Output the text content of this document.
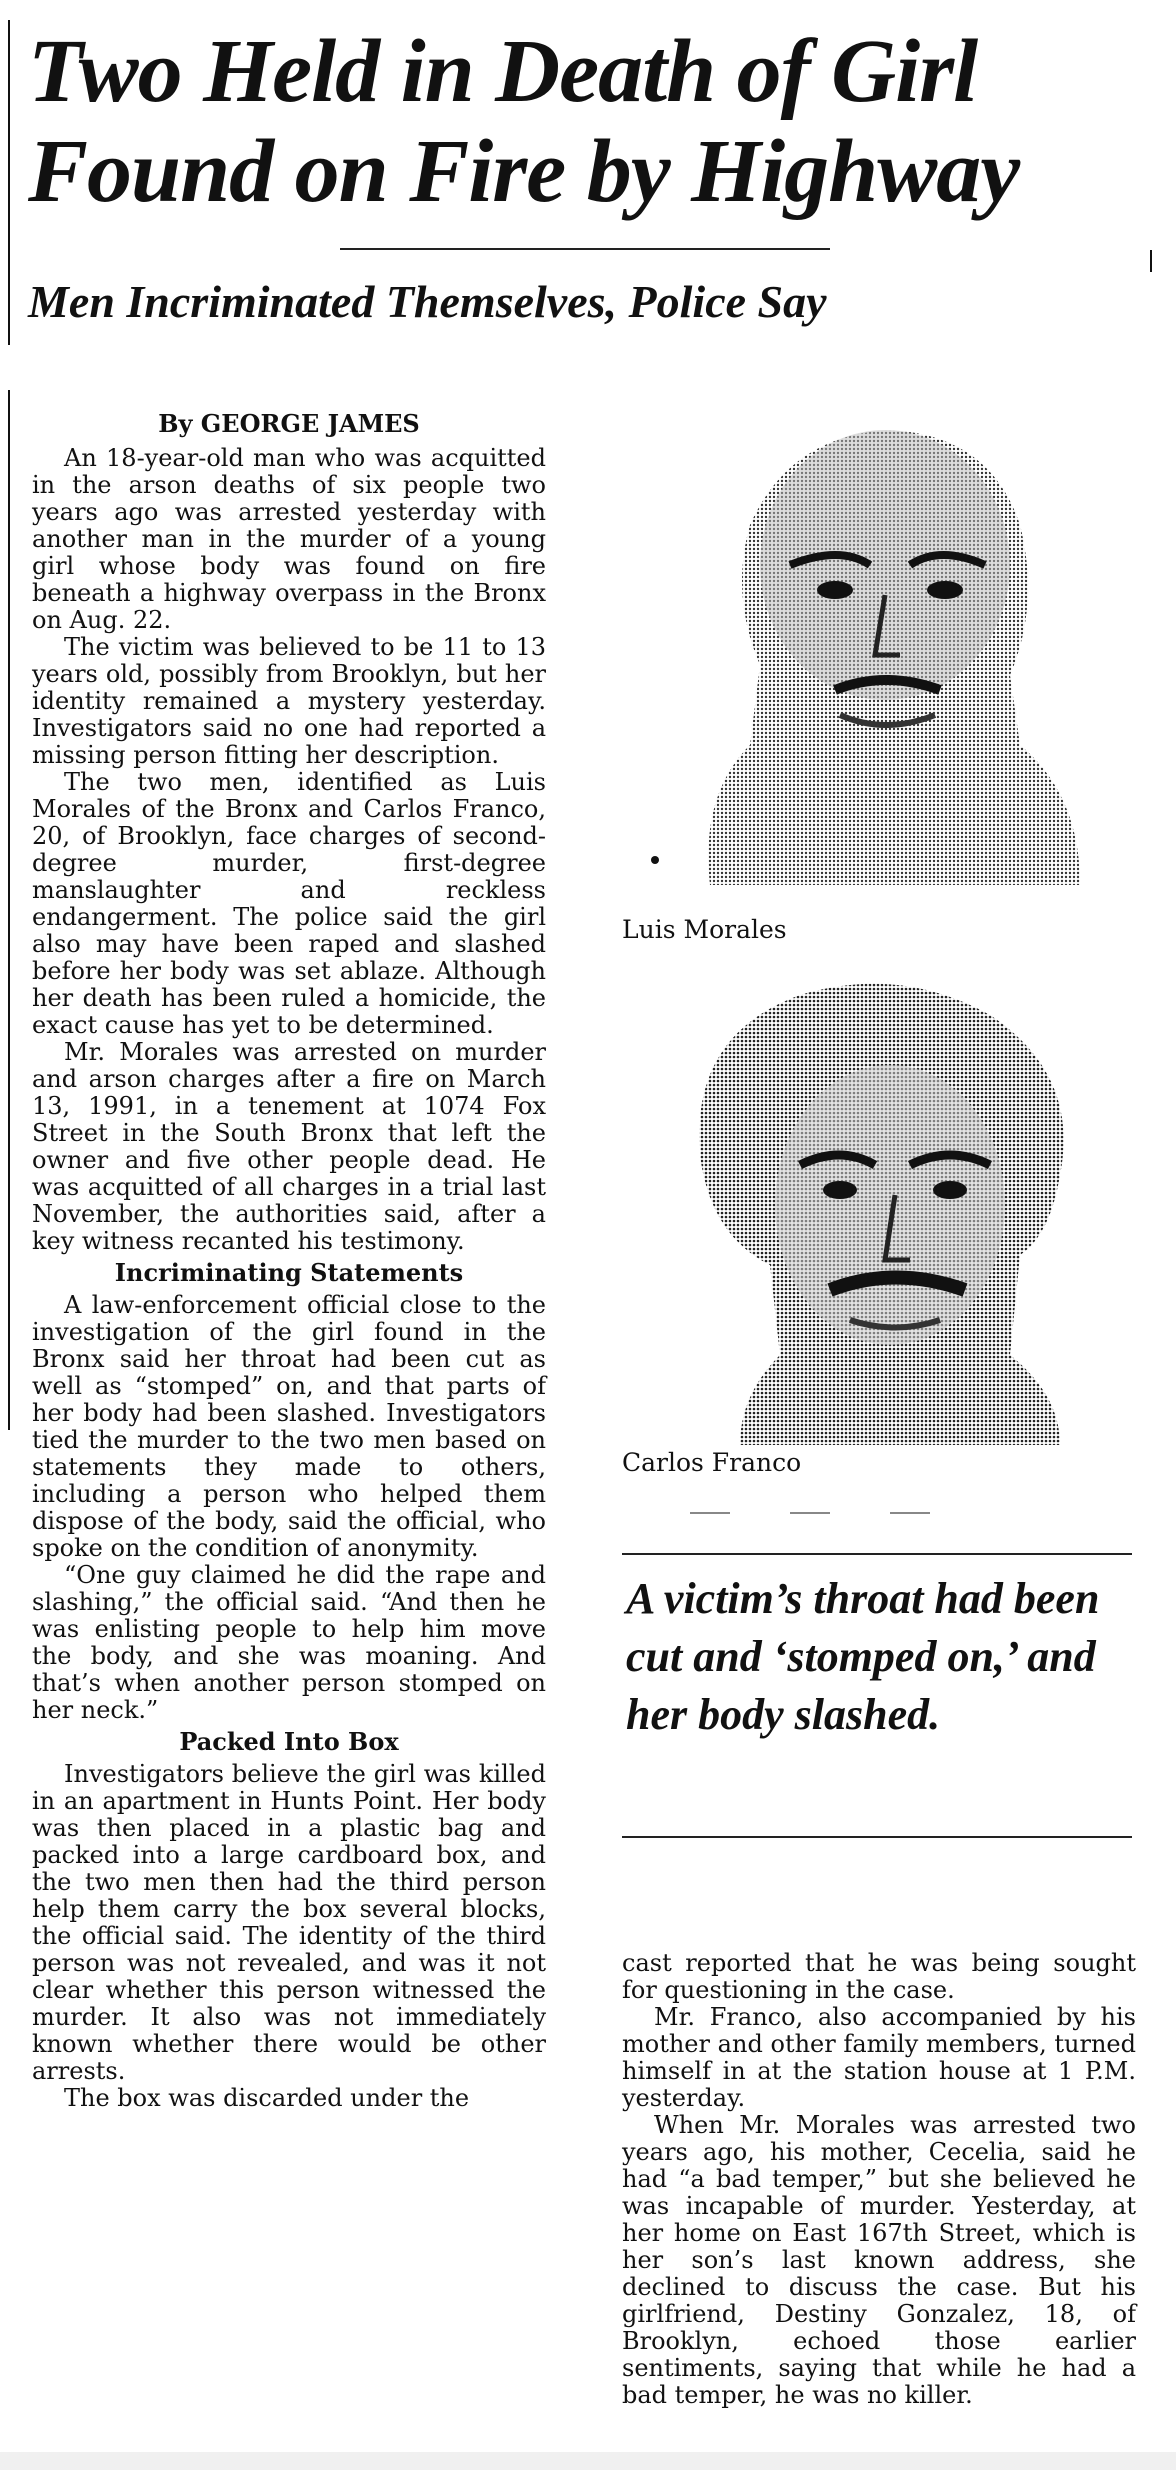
Two Held in Death of Girl
Found on Fire by Highway
Men Incriminated Themselves, Police Say

By GEORGE JAMES

An 18-year-old man who was acquitted in the arson deaths of six people two years ago was arrested yesterday with another man in the murder of a young girl whose body was found on fire beneath a highway overpass in the Bronx on Aug. 22.

The victim was believed to be 11 to 13 years old, possibly from Brooklyn, but her identity remained a mystery yesterday. Investigators said no one had reported a missing person fitting her description.

The two men, identified as Luis Morales of the Bronx and Carlos Franco, 20, of Brooklyn, face charges of second-degree murder, first-degree manslaughter and reckless endangerment. The police said the girl also may have been raped and slashed before her body was set ablaze. Although her death has been ruled a homicide, the exact cause has yet to be determined.

Mr. Morales was arrested on murder and arson charges after a fire on March 13, 1991, in a tenement at 1074 Fox Street in the South Bronx that left the owner and five other people dead. He was acquitted of all charges in a trial last November, the authorities said, after a key witness recanted his testimony.

Incriminating Statements

A law-enforcement official close to the investigation of the girl found in the Bronx said her throat had been cut as well as “stomped” on, and that parts of her body had been slashed. Investigators tied the murder to the two men based on statements they made to others, including a person who helped them dispose of the body, said the official, who spoke on the condition of anonymity.

“One guy claimed he did the rape and slashing,” the official said. “And then he was enlisting people to help him move the body, and she was moaning. And that’s when another person stomped on her neck.”

Packed Into Box

Investigators believe the girl was killed in an apartment in Hunts Point. Her body was then placed in a plastic bag and packed into a large cardboard box, and the two men then had the third person help them carry the box several blocks, the official said. The identity of the third person was not revealed, and was it not clear whether this person witnessed the murder. It also was not immediately known whether there would be other arrests.

The box was discarded under the

Luis Morales
Carlos Franco

A victim’s throat had been cut and ‘stomped on,’ and her body slashed.

cast reported that he was being sought for questioning in the case.

Mr. Franco, also accompanied by his mother and other family members, turned himself in at the station house at 1 P.M. yesterday.

When Mr. Morales was arrested two years ago, his mother, Cecelia, said he had “a bad temper,” but she believed he was incapable of murder. Yesterday, at her home on East 167th Street, which is her son’s last known address, she declined to discuss the case. But his girlfriend, Destiny Gonzalez, 18, of Brooklyn, echoed those earlier sentiments, saying that while he had a bad temper, he was no killer.
